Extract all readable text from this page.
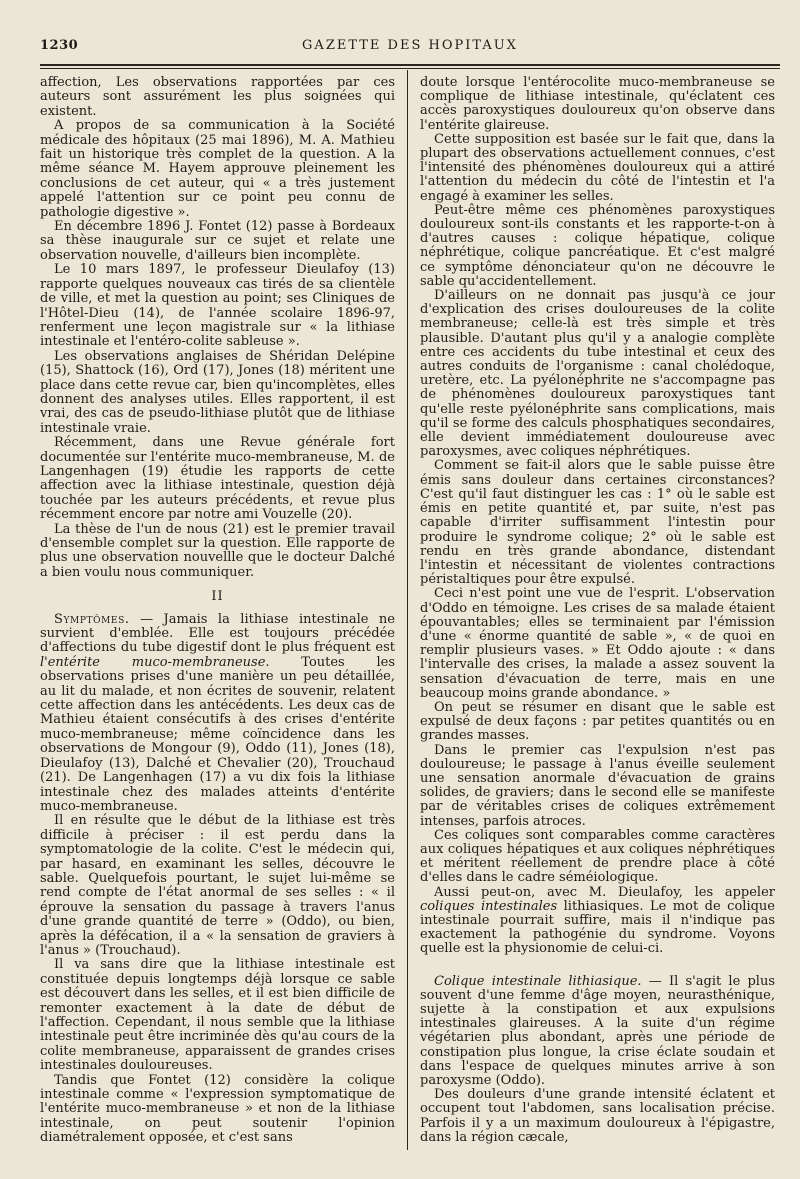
1230	GAZETTE DES HOPITAUX

affection, Les observations rapportées par ces auteurs sont assurément les plus soignées qui existent.

A propos de sa communication à la Société médicale des hôpitaux (25 mai 1896), M. A. Mathieu fait un historique très complet de la question. A la même séance M. Hayem approuve pleinement les conclusions de cet auteur, qui « a très justement appelé l'attention sur ce point peu connu de pathologie digestive ».

En décembre 1896 J. Fontet (12) passe à Bordeaux sa thèse inaugurale sur ce sujet et relate une observation nouvelle, d'ailleurs bien incomplète.

Le 10 mars 1897, le professeur Dieulafoy (13) rapporte quelques nouveaux cas tirés de sa clientèle de ville, et met la question au point; ses Cliniques de l'Hôtel-Dieu (14), de l'année scolaire 1896-97, renferment une leçon magistrale sur « la lithiase intestinale et l'entéro-colite sableuse ».

Les observations anglaises de Shéridan Delépine (15), Shattock (16), Ord (17), Jones (18) méritent une place dans cette revue car, bien qu'incomplètes, elles donnent des analyses utiles. Elles rapportent, il est vrai, des cas de pseudo-lithiase plutôt que de lithiase intestinale vraie.

Récemment, dans une Revue générale fort documentée sur l'entérite muco-membraneuse, M. de Langenhagen (19) étudie les rapports de cette affection avec la lithiase intestinale, question déjà touchée par les auteurs précédents, et revue plus récemment encore par notre ami Vouzelle (20).

La thèse de l'un de nous (21) est le premier travail d'ensemble complet sur la question. Elle rapporte de plus une observation nouvellle que le docteur Dalché a bien voulu nous communiquer.

II

Symptômes. — Jamais la lithiase intestinale ne survient d'emblée. Elle est toujours précédée d'affections du tube digestif dont le plus fréquent est l'entérite muco-membraneuse. Toutes les observations prises d'une manière un peu détaillée, au lit du malade, et non écrites de souvenir, relatent cette affection dans les antécédents. Les deux cas de Mathieu étaient consécutifs à des crises d'entérite muco-membraneuse; même coïncidence dans les observations de Mongour (9), Oddo (11), Jones (18), Dieulafoy (13), Dalché et Chevalier (20), Trouchaud (21). De Langenhagen (17) a vu dix fois la lithiase intestinale chez des malades atteints d'entérite muco-membraneuse.

Il en résulte que le début de la lithiase est très difficile à préciser : il est perdu dans la symptomatologie de la colite. C'est le médecin qui, par hasard, en examinant les selles, découvre le sable. Quelquefois pourtant, le sujet lui-même se rend compte de l'état anormal de ses selles : « il éprouve la sensation du passage à travers l'anus d'une grande quantité de terre » (Oddo), ou bien, après la défécation, il a « la sensation de graviers à l'anus » (Trouchaud).

Il va sans dire que la lithiase intestinale est constituée depuis longtemps déjà lorsque ce sable est découvert dans les selles, et il est bien difficile de remonter exactement à la date de début de l'affection. Cependant, il nous semble que la lithiase intestinale peut être incriminée dès qu'au cours de la colite membraneuse, apparaissent de grandes crises intestinales douloureuses.

Tandis que Fontet (12) considère la colique intestinale comme « l'expression symptomatique de l'entérite muco-membraneuse » et non de la lithiase intestinale, on peut soutenir l'opinion diamétralement opposée, et c'est sans

doute lorsque l'entérocolite muco-membraneuse se complique de lithiase intestinale, qu'éclatent ces accès paroxystiques douloureux qu'on observe dans l'entérite glaireuse.

Cette supposition est basée sur le fait que, dans la plupart des observations actuellement connues, c'est l'intensité des phénomènes douloureux qui a attiré l'attention du médecin du côté de l'intestin et l'a engagé à examiner les selles.

Peut-être même ces phénomènes paroxystiques douloureux sont-ils constants et les rapporte-t-on à d'autres causes : colique hépatique, colique néphrétique, colique pancréatique. Et c'est malgré ce symptôme dénonciateur qu'on ne découvre le sable qu'accidentellement.

D'ailleurs on ne donnait pas jusqu'à ce jour d'explication des crises douloureuses de la colite membraneuse; celle-là est très simple et très plausible. D'autant plus qu'il y a analogie complète entre ces accidents du tube intestinal et ceux des autres conduits de l'organisme : canal cholédoque, uretère, etc. La pyélonéphrite ne s'accompagne pas de phénomènes douloureux paroxystiques tant qu'elle reste pyélonéphrite sans complications, mais qu'il se forme des calculs phosphatiques secondaires, elle devient immédiatement douloureuse avec paroxysmes, avec coliques néphrétiques.

Comment se fait-il alors que le sable puisse être émis sans douleur dans certaines circonstances? C'est qu'il faut distinguer les cas : 1° où le sable est émis en petite quantité et, par suite, n'est pas capable d'irriter suffisamment l'intestin pour produire le syndrome colique; 2° où le sable est rendu en très grande abondance, distendant l'intestin et nécessitant de violentes contractions péristaltiques pour être expulsé.

Ceci n'est point une vue de l'esprit. L'observation d'Oddo en témoigne. Les crises de sa malade étaient épouvantables; elles se terminaient par l'émission d'une « énorme quantité de sable », « de quoi en remplir plusieurs vases. » Et Oddo ajoute : « dans l'intervalle des crises, la malade a assez souvent la sensation d'évacuation de terre, mais en une beaucoup moins grande abondance. »

On peut se résumer en disant que le sable est expulsé de deux façons : par petites quantités ou en grandes masses.

Dans le premier cas l'expulsion n'est pas douloureuse; le passage à l'anus éveille seulement une sensation anormale d'évacuation de grains solides, de graviers; dans le second elle se manifeste par de véritables crises de coliques extrêmement intenses, parfois atroces.

Ces coliques sont comparables comme caractères aux coliques hépatiques et aux coliques néphrétiques et méritent réellement de prendre place à côté d'elles dans le cadre séméiologique.

Aussi peut-on, avec M. Dieulafoy, les appeler coliques intestinales lithiasiques. Le mot de colique intestinale pourrait suffire, mais il n'indique pas exactement la pathogénie du syndrome. Voyons quelle est la physionomie de celui-ci.

Colique intestinale lithiasique. — Il s'agit le plus souvent d'une femme d'âge moyen, neurasthénique, sujette à la constipation et aux expulsions intestinales glaireuses. A la suite d'un régime végétarien plus abondant, après une période de constipation plus longue, la crise éclate soudain et dans l'espace de quelques minutes arrive à son paroxysme (Oddo).

Des douleurs d'une grande intensité éclatent et occupent tout l'abdomen, sans localisation précise. Parfois il y a un maximum douloureux à l'épigastre, dans la région cæcale,
